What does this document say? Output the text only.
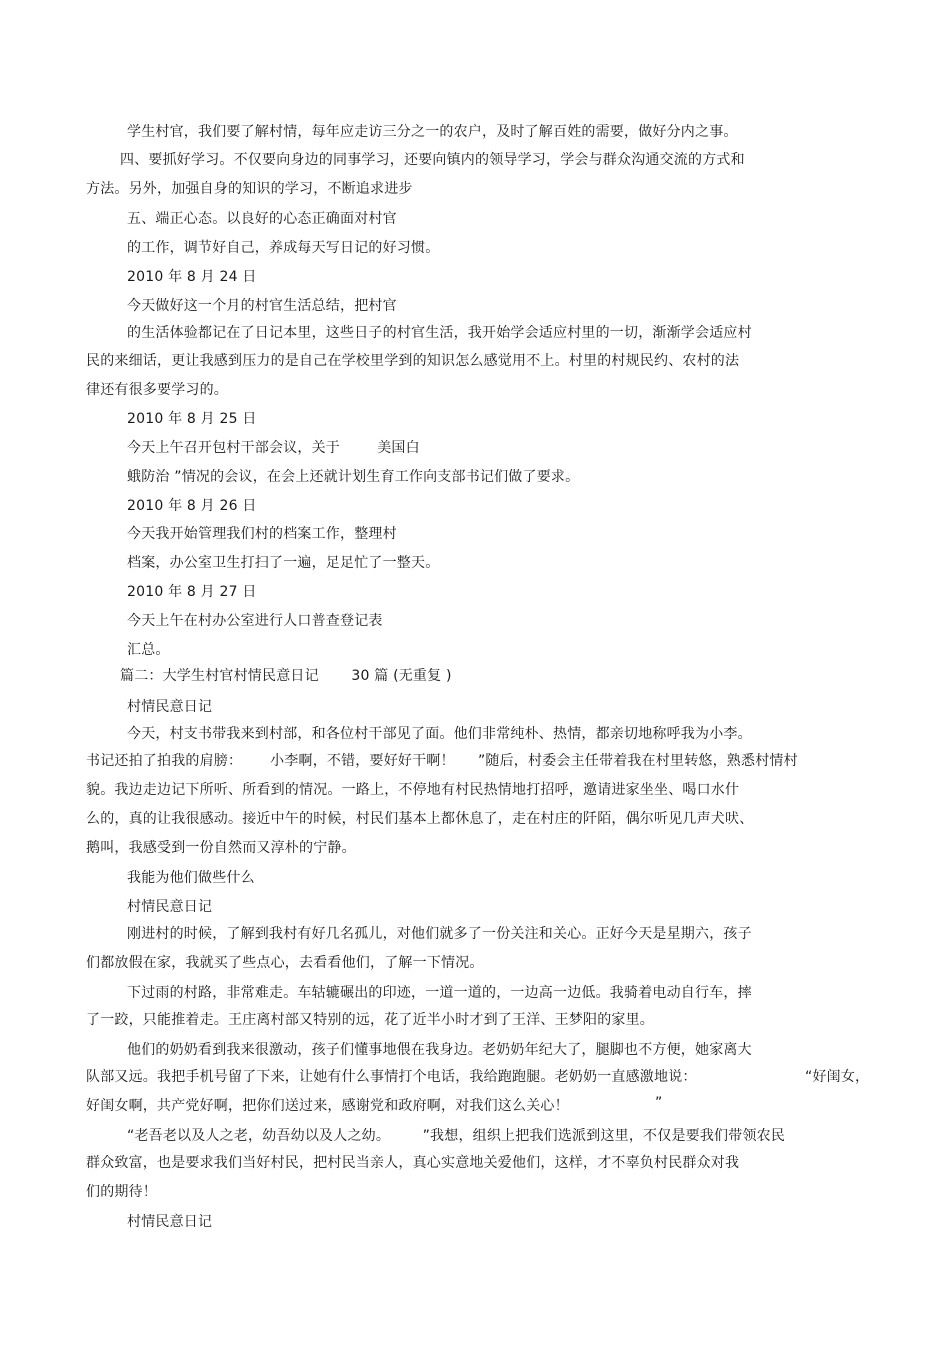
学生村官，我们要了解村情，每年应走访三分之一的农户，及时了解百姓的需要，做好分内之事。
四、要抓好学习。不仅要向身边的同事学习，还要向镇内的领导学习，学会与群众沟通交流的方式和
方法。另外，加强自身的知识的学习，不断追求进步
五、端正心态。以良好的心态正确面对村官
的工作，调节好自己，养成每天写日记的好习惯。
2010 年 8 月 24 日
今天做好这一个月的村官生活总结，把村官
的生活体验都记在了日记本里，这些日子的村官生活，我开始学会适应村里的一切，渐渐学会适应村
民的来细话，更让我感到压力的是自己在学校里学到的知识怎么感觉用不上。村里的村规民约、农村的法
律还有很多要学习的。
2010 年 8 月 25 日
今天上午召开包村干部会议，关于        美国白
蛾防治 ”情况的会议，在会上还就计划生育工作向支部书记们做了要求。
2010 年 8 月 26 日
今天我开始管理我们村的档案工作，整理村
档案，办公室卫生打扫了一遍，足足忙了一整天。
2010 年 8 月 27 日
今天上午在村办公室进行人口普查登记表
汇总。
篇二：大学生村官村情民意日记       30 篇 (无重复 )
村情民意日记
今天，村支书带我来到村部，和各位村干部见了面。他们非常纯朴、热情，都亲切地称呼我为小李。
书记还拍了拍我的肩膀：      小李啊，不错，要好好干啊！     ”随后，村委会主任带着我在村里转悠，熟悉村情村
貌。我边走边记下所听、所看到的情况。一路上，不停地有村民热情地打招呼，邀请进家坐坐、喝口水什
么的，真的让我很感动。接近中午的时候，村民们基本上都休息了，走在村庄的阡陌，偶尔听见几声犬吠、
鹅叫，我感受到一份自然而又淳朴的宁静。
我能为他们做些什么
村情民意日记
刚进村的时候，了解到我村有好几名孤儿，对他们就多了一份关注和关心。正好今天是星期六，孩子
们都放假在家，我就买了些点心，去看看他们，了解一下情况。
下过雨的村路，非常难走。车轱辘碾出的印迹，一道一道的，一边高一边低。我骑着电动自行车，摔
了一跤，只能推着走。王庄离村部又特别的远，花了近半小时才到了王洋、王梦阳的家里。
他们的奶奶看到我来很激动，孩子们懂事地偎在我身边。老奶奶年纪大了，腿脚也不方便，她家离大
队部又远。我把手机号留了下来，让她有什么事情打个电话，我给跑跑腿。老奶奶一直感激地说：	“好闺女，
好闺女啊，共产党好啊，把你们送过来，感谢党和政府啊，对我们这么关心！	”
“老吾老以及人之老，幼吾幼以及人之幼。       ”我想，组织上把我们选派到这里，不仅是要我们带领农民
群众致富，也是要求我们当好村民，把村民当亲人，真心实意地关爱他们，这样，才不辜负村民群众对我
们的期待！
村情民意日记
